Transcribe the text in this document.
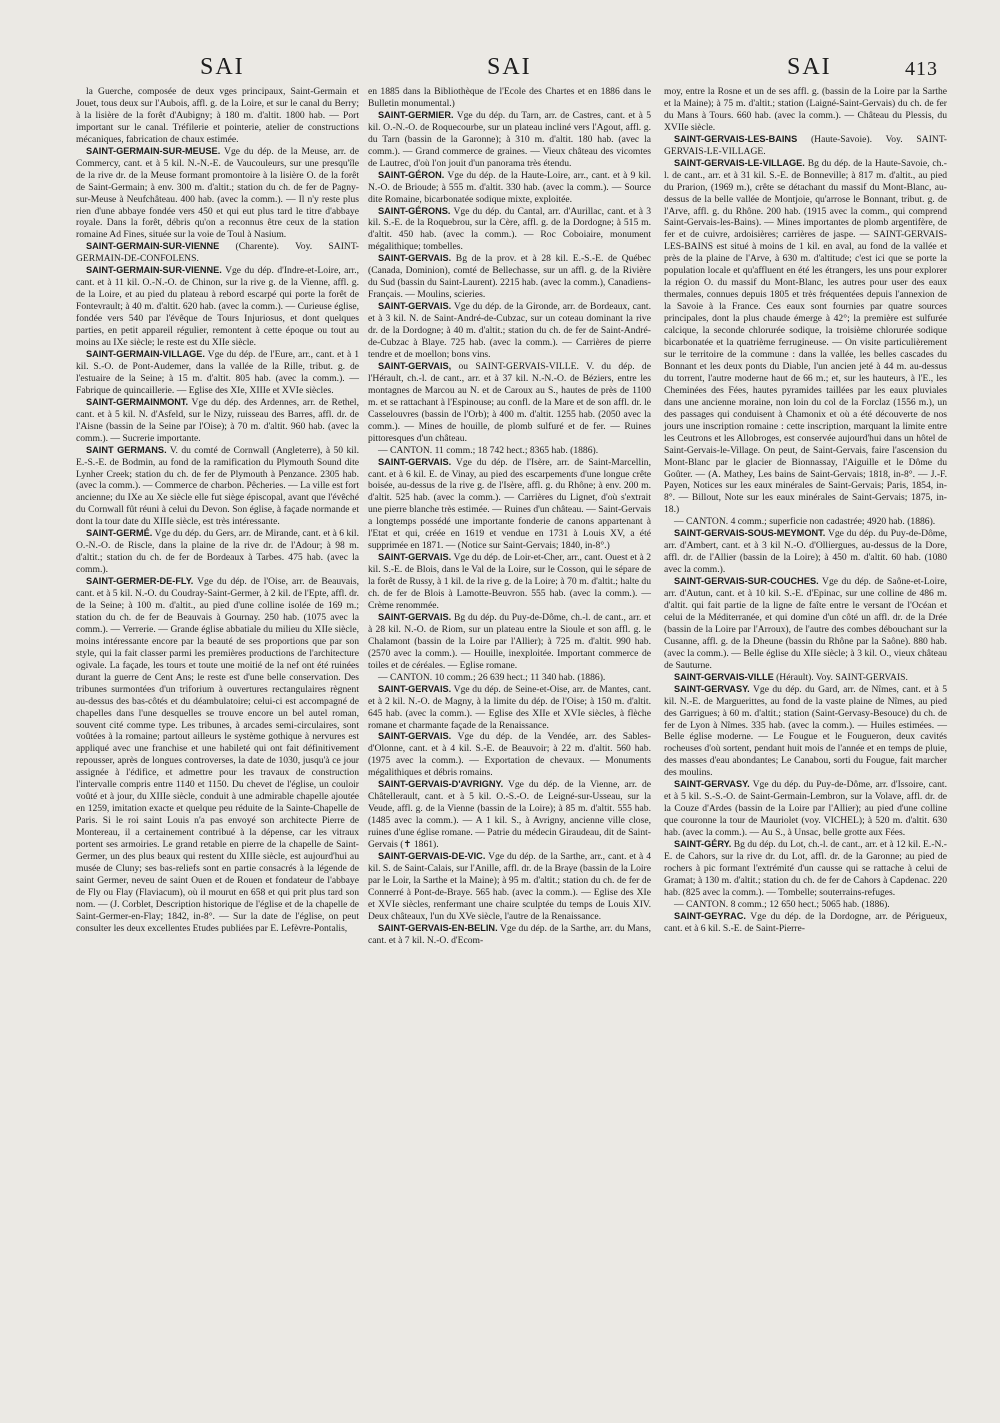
SAI	SAI	SAI	413

la Guerche, composée de deux vges principaux, Saint-Germain et Jouet, tous deux sur l'Aubois, affl. g. de la Loire, et sur le canal du Berry; à la lisière de la forêt d'Aubigny; à 180 m. d'altit. 1800 hab. — Port important sur le canal. Tréfilerie et pointerie, atelier de constructions mécaniques, fabrication de chaux estimée.

SAINT-GERMAIN-SUR-MEUSE. Vge du dép. de la Meuse, arr. de Commercy, cant. et à 5 kil. N.-N.-E. de Vaucouleurs, sur une presqu'île de la rive dr. de la Meuse formant promontoire à la lisière O. de la forêt de Saint-Germain; à env. 300 m. d'altit.; station du ch. de fer de Pagny-sur-Meuse à Neufchâteau. 400 hab. (avec la comm.). — Il n'y reste plus rien d'une abbaye fondée vers 450 et qui eut plus tard le titre d'abbaye royale. Dans la forêt, débris qu'on a reconnus être ceux de la station romaine Ad Fines, située sur la voie de Toul à Nasium.

SAINT-GERMAIN-SUR-VIENNE (Charente). Voy. SAINT-GERMAIN-DE-CONFOLENS.

SAINT-GERMAIN-SUR-VIENNE. Vge du dép. d'Indre-et-Loire, arr., cant. et à 11 kil. O.-N.-O. de Chinon, sur la rive g. de la Vienne, affl. g. de la Loire, et au pied du plateau à rebord escarpé qui porte la forêt de Fontevrault; à 40 m. d'altit. 620 hab. (avec la comm.). — Curieuse église, fondée vers 540 par l'évêque de Tours Injuriosus, et dont quelques parties, en petit appareil régulier, remontent à cette époque ou tout au moins au IXe siècle; le reste est du XIIe siècle.

SAINT-GERMAIN-VILLAGE. Vge du dép. de l'Eure, arr., cant. et à 1 kil. S.-O. de Pont-Audemer, dans la vallée de la Rille, tribut. g. de l'estuaire de la Seine; à 15 m. d'altit. 805 hab. (avec la comm.). — Fabrique de quincaillerie. — Eglise des XIe, XIIIe et XVIe siècles.

SAINT-GERMAINMONT. Vge du dép. des Ardennes, arr. de Rethel, cant. et à 5 kil. N. d'Asfeld, sur le Nizy, ruisseau des Barres, affl. dr. de l'Aisne (bassin de la Seine par l'Oise); à 70 m. d'altit. 960 hab. (avec la comm.). — Sucrerie importante.

SAINT GERMANS. V. du comté de Cornwall (Angleterre), à 50 kil. E.-S.-E. de Bodmin, au fond de la ramification du Plymouth Sound dite Lynher Creek; station du ch. de fer de Plymouth à Penzance. 2305 hab. (avec la comm.). — Commerce de charbon. Pêcheries. — La ville est fort ancienne; du IXe au Xe siècle elle fut siège épiscopal, avant que l'évêché du Cornwall fût réuni à celui du Devon. Son église, à façade normande et dont la tour date du XIIIe siècle, est très intéressante.

SAINT-GERMÉ. Vge du dép. du Gers, arr. de Mirande, cant. et à 6 kil. O.-N.-O. de Riscle, dans la plaine de la rive dr. de l'Adour; à 98 m. d'altit.; station du ch. de fer de Bordeaux à Tarbes. 475 hab. (avec la comm.).

SAINT-GERMER-DE-FLY. Vge du dép. de l'Oise, arr. de Beauvais, cant. et à 5 kil. N.-O. du Coudray-Saint-Germer, à 2 kil. de l'Epte, affl. dr. de la Seine; à 100 m. d'altit., au pied d'une colline isolée de 169 m.; station du ch. de fer de Beauvais à Gournay. 250 hab. (1075 avec la comm.). — Verrerie. — Grande église abbatiale du milieu du XIIe siècle, moins intéressante encore par la beauté de ses proportions que par son style, qui la fait classer parmi les premières productions de l'architecture ogivale. La façade, les tours et toute une moitié de la nef ont été ruinées durant la guerre de Cent Ans; le reste est d'une belle conservation. Des tribunes surmontées d'un triforium à ouvertures rectangulaires règnent au-dessus des bas-côtés et du déambulatoire; celui-ci est accompagné de chapelles dans l'une desquelles se trouve encore un bel autel roman, souvent cité comme type. Les tribunes, à arcades semi-circulaires, sont voûtées à la romaine; partout ailleurs le système gothique à nervures est appliqué avec une franchise et une habileté qui ont fait définitivement repousser, après de longues controverses, la date de 1030, jusqu'à ce jour assignée à l'édifice, et admettre pour les travaux de construction l'intervalle compris entre 1140 et 1150. Du chevet de l'église, un couloir voûté et à jour, du XIIIe siècle, conduit à une admirable chapelle ajoutée en 1259, imitation exacte et quelque peu réduite de la Sainte-Chapelle de Paris. Si le roi saint Louis n'a pas envoyé son architecte Pierre de Montereau, il a certainement contribué à la dépense, car les vitraux portent ses armoiries. Le grand retable en pierre de la chapelle de Saint-Germer, un des plus beaux qui restent du XIIIe siècle, est aujourd'hui au musée de Cluny; ses bas-reliefs sont en partie consacrés à la légende de saint Germer, neveu de saint Ouen et de Rouen et fondateur de l'abbaye de Fly ou Flay (Flaviacum), où il mourut en 658 et qui prit plus tard son nom. — (J. Corblet, Description historique de l'église et de la chapelle de Saint-Germer-en-Flay; 1842, in-8°. — Sur la date de l'église, on peut consulter les deux excellentes Etudes publiées par E. Lefèvre-Pontalis,

en 1885 dans la Bibliothèque de l'Ecole des Chartes et en 1886 dans le Bulletin monumental.)

SAINT-GERMIER. Vge du dép. du Tarn, arr. de Castres, cant. et à 5 kil. O.-N.-O. de Roquecourbe, sur un plateau incliné vers l'Agout, affl. g. du Tarn (bassin de la Garonne); à 310 m. d'altit. 180 hab. (avec la comm.). — Grand commerce de graines. — Vieux château des vicomtes de Lautrec, d'où l'on jouit d'un panorama très étendu.

SAINT-GÉRON. Vge du dép. de la Haute-Loire, arr., cant. et à 9 kil. N.-O. de Brioude; à 555 m. d'altit. 330 hab. (avec la comm.). — Source dite Romaine, bicarbonatée sodique mixte, exploitée.

SAINT-GÉRONS. Vge du dép. du Cantal, arr. d'Aurillac, cant. et à 3 kil. S.-E. de la Roquebrou, sur la Cère, affl. g. de la Dordogne; à 515 m. d'altit. 450 hab. (avec la comm.). — Roc Coboiaire, monument mégalithique; tombelles.

SAINT-GERVAIS. Bg de la prov. et à 28 kil. E.-S.-E. de Québec (Canada, Dominion), comté de Bellechasse, sur un affl. g. de la Rivière du Sud (bassin du Saint-Laurent). 2215 hab. (avec la comm.), Canadiens-Français. — Moulins, scieries.

SAINT-GERVAIS. Vge du dép. de la Gironde, arr. de Bordeaux, cant. et à 3 kil. N. de Saint-André-de-Cubzac, sur un coteau dominant la rive dr. de la Dordogne; à 40 m. d'altit.; station du ch. de fer de Saint-André-de-Cubzac à Blaye. 725 hab. (avec la comm.). — Carrières de pierre tendre et de moellon; bons vins.

SAINT-GERVAIS, ou SAINT-GERVAIS-VILLE. V. du dép. de l'Hérault, ch.-l. de cant., arr. et à 37 kil. N.-N.-O. de Béziers, entre les montagnes de Marcou au N. et de Caroux au S., hautes de près de 1100 m. et se rattachant à l'Espinouse; au confl. de la Mare et de son affl. dr. le Casselouvres (bassin de l'Orb); à 400 m. d'altit. 1255 hab. (2050 avec la comm.). — Mines de houille, de plomb sulfuré et de fer. — Ruines pittoresques d'un château.

— CANTON. 11 comm.; 18 742 hect.; 8365 hab. (1886).

SAINT-GERVAIS. Vge du dép. de l'Isère, arr. de Saint-Marcellin, cant. et à 6 kil. E. de Vinay, au pied des escarpements d'une longue crête boisée, au-dessus de la rive g. de l'Isère, affl. g. du Rhône; à env. 200 m. d'altit. 525 hab. (avec la comm.). — Carrières du Lignet, d'où s'extrait une pierre blanche très estimée. — Ruines d'un château. — Saint-Gervais a longtemps possédé une importante fonderie de canons appartenant à l'Etat et qui, créée en 1619 et vendue en 1731 à Louis XV, a été supprimée en 1871. — (Notice sur Saint-Gervais; 1840, in-8°.)

SAINT-GERVAIS. Vge du dép. de Loir-et-Cher, arr., cant. Ouest et à 2 kil. S.-E. de Blois, dans le Val de la Loire, sur le Cosson, qui le sépare de la forêt de Russy, à 1 kil. de la rive g. de la Loire; à 70 m. d'altit.; halte du ch. de fer de Blois à Lamotte-Beuvron. 555 hab. (avec la comm.). — Crème renommée.

SAINT-GERVAIS. Bg du dép. du Puy-de-Dôme, ch.-l. de cant., arr. et à 28 kil. N.-O. de Riom, sur un plateau entre la Sioule et son affl. g. le Chalamont (bassin de la Loire par l'Allier); à 725 m. d'altit. 990 hab. (2570 avec la comm.). — Houille, inexploitée. Important commerce de toiles et de céréales. — Eglise romane.

— CANTON. 10 comm.; 26 639 hect.; 11 340 hab. (1886).

SAINT-GERVAIS. Vge du dép. de Seine-et-Oise, arr. de Mantes, cant. et à 2 kil. N.-O. de Magny, à la limite du dép. de l'Oise; à 150 m. d'altit. 645 hab. (avec la comm.). — Eglise des XIIe et XVIe siècles, à flèche romane et charmante façade de la Renaissance.

SAINT-GERVAIS. Vge du dép. de la Vendée, arr. des Sables-d'Olonne, cant. et à 4 kil. S.-E. de Beauvoir; à 22 m. d'altit. 560 hab. (1975 avec la comm.). — Exportation de chevaux. — Monuments mégalithiques et débris romains.

SAINT-GERVAIS-D'AVRIGNY. Vge du dép. de la Vienne, arr. de Châtellerault, cant. et à 5 kil. O.-S.-O. de Leigné-sur-Usseau, sur la Veude, affl. g. de la Vienne (bassin de la Loire); à 85 m. d'altit. 555 hab. (1485 avec la comm.). — A 1 kil. S., à Avrigny, ancienne ville close, ruines d'une église romane. — Patrie du médecin Giraudeau, dit de Saint-Gervais (✝ 1861).

SAINT-GERVAIS-DE-VIC. Vge du dép. de la Sarthe, arr., cant. et à 4 kil. S. de Saint-Calais, sur l'Anille, affl. dr. de la Braye (bassin de la Loire par le Loir, la Sarthe et la Maine); à 95 m. d'altit.; station du ch. de fer de Connerré à Pont-de-Braye. 565 hab. (avec la comm.). — Eglise des XIe et XVIe siècles, renfermant une chaire sculptée du temps de Louis XIV. Deux châteaux, l'un du XVe siècle, l'autre de la Renaissance.

SAINT-GERVAIS-EN-BELIN. Vge du dép. de la Sarthe, arr. du Mans, cant. et à 7 kil. N.-O. d'Ecom-

moy, entre la Rosne et un de ses affl. g. (bassin de la Loire par la Sarthe et la Maine); à 75 m. d'altit.; station (Laigné-Saint-Gervais) du ch. de fer du Mans à Tours. 660 hab. (avec la comm.). — Château du Plessis, du XVIIe siècle.

SAINT-GERVAIS-LES-BAINS (Haute-Savoie). Voy. SAINT-GERVAIS-LE-VILLAGE.

SAINT-GERVAIS-LE-VILLAGE. Bg du dép. de la Haute-Savoie, ch.-l. de cant., arr. et à 31 kil. S.-E. de Bonneville; à 817 m. d'altit., au pied du Prarion, (1969 m.), crête se détachant du massif du Mont-Blanc, au-dessus de la belle vallée de Montjoie, qu'arrose le Bonnant, tribut. g. de l'Arve, affl. g. du Rhône. 200 hab. (1915 avec la comm., qui comprend Saint-Gervais-les-Bains). — Mines importantes de plomb argentifère, de fer et de cuivre, ardoisières; carrières de jaspe. — SAINT-GERVAIS-LES-BAINS est situé à moins de 1 kil. en aval, au fond de la vallée et près de la plaine de l'Arve, à 630 m. d'altitude; c'est ici que se porte la population locale et qu'affluent en été les étrangers, les uns pour explorer la région O. du massif du Mont-Blanc, les autres pour user des eaux thermales, connues depuis 1805 et très fréquentées depuis l'annexion de la Savoie à la France. Ces eaux sont fournies par quatre sources principales, dont la plus chaude émerge à 42°; la première est sulfurée calcique, la seconde chlorurée sodique, la troisième chlorurée sodique bicarbonatée et la quatrième ferrugineuse. — On visite particulièrement sur le territoire de la commune : dans la vallée, les belles cascades du Bonnant et les deux ponts du Diable, l'un ancien jeté à 44 m. au-dessus du torrent, l'autre moderne haut de 66 m.; et, sur les hauteurs, à l'E., les Cheminées des Fées, hautes pyramides taillées par les eaux pluviales dans une ancienne moraine, non loin du col de la Forclaz (1556 m.), un des passages qui conduisent à Chamonix et où a été découverte de nos jours une inscription romaine : cette inscription, marquant la limite entre les Ceutrons et les Allobroges, est conservée aujourd'hui dans un hôtel de Saint-Gervais-le-Village. On peut, de Saint-Gervais, faire l'ascension du Mont-Blanc par le glacier de Bionnassay, l'Aiguille et le Dôme du Goûter. — (A. Mathey, Les bains de Saint-Gervais; 1818, in-8°. — J.-F. Payen, Notices sur les eaux minérales de Saint-Gervais; Paris, 1854, in-8°. — Billout, Note sur les eaux minérales de Saint-Gervais; 1875, in-18.)

— CANTON. 4 comm.; superficie non cadastrée; 4920 hab. (1886).

SAINT-GERVAIS-SOUS-MEYMONT. Vge du dép. du Puy-de-Dôme, arr. d'Ambert, cant. et à 3 kil N.-O. d'Olliergues, au-dessus de la Dore, affl. dr. de l'Allier (bassin de la Loire); à 450 m. d'altit. 60 hab. (1080 avec la comm.).

SAINT-GERVAIS-SUR-COUCHES. Vge du dép. de Saône-et-Loire, arr. d'Autun, cant. et à 10 kil. S.-E. d'Epinac, sur une colline de 486 m. d'altit. qui fait partie de la ligne de faîte entre le versant de l'Océan et celui de la Méditerranée, et qui domine d'un côté un affl. dr. de la Drée (bassin de la Loire par l'Arroux), de l'autre des combes débouchant sur la Cusanne, affl. g. de la Dheune (bassin du Rhône par la Saône). 880 hab. (avec la comm.). — Belle église du XIIe siècle; à 3 kil. O., vieux château de Sauturne.

SAINT-GERVAIS-VILLE (Hérault). Voy. SAINT-GERVAIS.

SAINT-GERVASY. Vge du dép. du Gard, arr. de Nîmes, cant. et à 5 kil. N.-E. de Marguerittes, au fond de la vaste plaine de Nîmes, au pied des Garrigues; à 60 m. d'altit.; station (Saint-Gervasy-Besouce) du ch. de fer de Lyon à Nîmes. 335 hab. (avec la comm.). — Huiles estimées. — Belle église moderne. — Le Fougue et le Fougueron, deux cavités rocheuses d'où sortent, pendant huit mois de l'année et en temps de pluie, des masses d'eau abondantes; Le Canabou, sorti du Fougue, fait marcher des moulins.

SAINT-GERVASY. Vge du dép. du Puy-de-Dôme, arr. d'Issoire, cant. et à 5 kil. S.-S.-O. de Saint-Germain-Lembron, sur la Volave, affl. dr. de la Couze d'Ardes (bassin de la Loire par l'Allier); au pied d'une colline que couronne la tour de Mauriolet (voy. VICHEL); à 520 m. d'altit. 630 hab. (avec la comm.). — Au S., à Unsac, belle grotte aux Fées.

SAINT-GÉRY. Bg du dép. du Lot, ch.-l. de cant., arr. et à 12 kil. E.-N.-E. de Cahors, sur la rive dr. du Lot, affl. dr. de la Garonne; au pied de rochers à pic formant l'extrémité d'un causse qui se rattache à celui de Gramat; à 130 m. d'altit.; station du ch. de fer de Cahors à Capdenac. 220 hab. (825 avec la comm.). — Tombelle; souterrains-refuges.

— CANTON. 8 comm.; 12 650 hect.; 5065 hab. (1886).

SAINT-GEYRAC. Vge du dép. de la Dordogne, arr. de Périgueux, cant. et à 6 kil. S.-E. de Saint-Pierre-
